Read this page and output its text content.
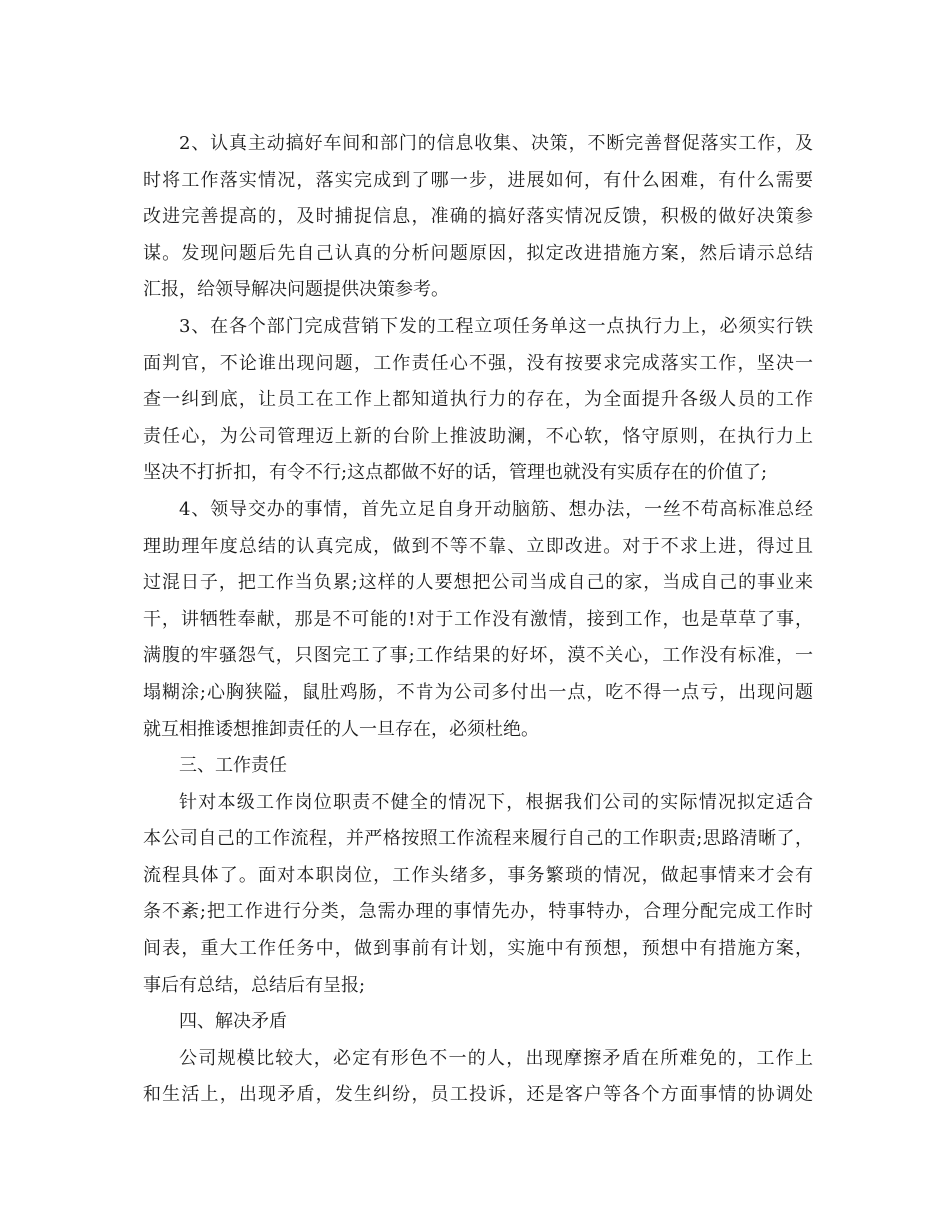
2、认真主动搞好车间和部门的信息收集、决策，不断完善督促落实工作，及
时将工作落实情况，落实完成到了哪一步，进展如何，有什么困难，有什么需要
改进完善提高的，及时捕捉信息，准确的搞好落实情况反馈，积极的做好决策参
谋。发现问题后先自己认真的分析问题原因，拟定改进措施方案，然后请示总结
汇报，给领导解决问题提供决策参考。
3、在各个部门完成营销下发的工程立项任务单这一点执行力上，必须实行铁
面判官，不论谁出现问题，工作责任心不强，没有按要求完成落实工作，坚决一
查一纠到底，让员工在工作上都知道执行力的存在，为全面提升各级人员的工作
责任心，为公司管理迈上新的台阶上推波助澜，不心软，恪守原则，在执行力上
坚决不打折扣，有令不行;这点都做不好的话，管理也就没有实质存在的价值了;
4、领导交办的事情，首先立足自身开动脑筋、想办法，一丝不苟高标准总经
理助理年度总结的认真完成，做到不等不靠、立即改进。对于不求上进，得过且
过混日子，把工作当负累;这样的人要想把公司当成自己的家，当成自己的事业来
干，讲牺牲奉献，那是不可能的!对于工作没有激情，接到工作，也是草草了事，
满腹的牢骚怨气，只图完工了事;工作结果的好坏，漠不关心，工作没有标准，一
塌糊涂;心胸狭隘，鼠肚鸡肠，不肯为公司多付出一点，吃不得一点亏，出现问题
就互相推诿想推卸责任的人一旦存在，必须杜绝。
三、工作责任
针对本级工作岗位职责不健全的情况下，根据我们公司的实际情况拟定适合
本公司自己的工作流程，并严格按照工作流程来履行自己的工作职责;思路清晰了，
流程具体了。面对本职岗位，工作头绪多，事务繁琐的情况，做起事情来才会有
条不紊;把工作进行分类，急需办理的事情先办，特事特办，合理分配完成工作时
间表，重大工作任务中，做到事前有计划，实施中有预想，预想中有措施方案，
事后有总结，总结后有呈报;
四、解决矛盾
公司规模比较大，必定有形色不一的人，出现摩擦矛盾在所难免的，工作上
和生活上，出现矛盾，发生纠纷，员工投诉，还是客户等各个方面事情的协调处
